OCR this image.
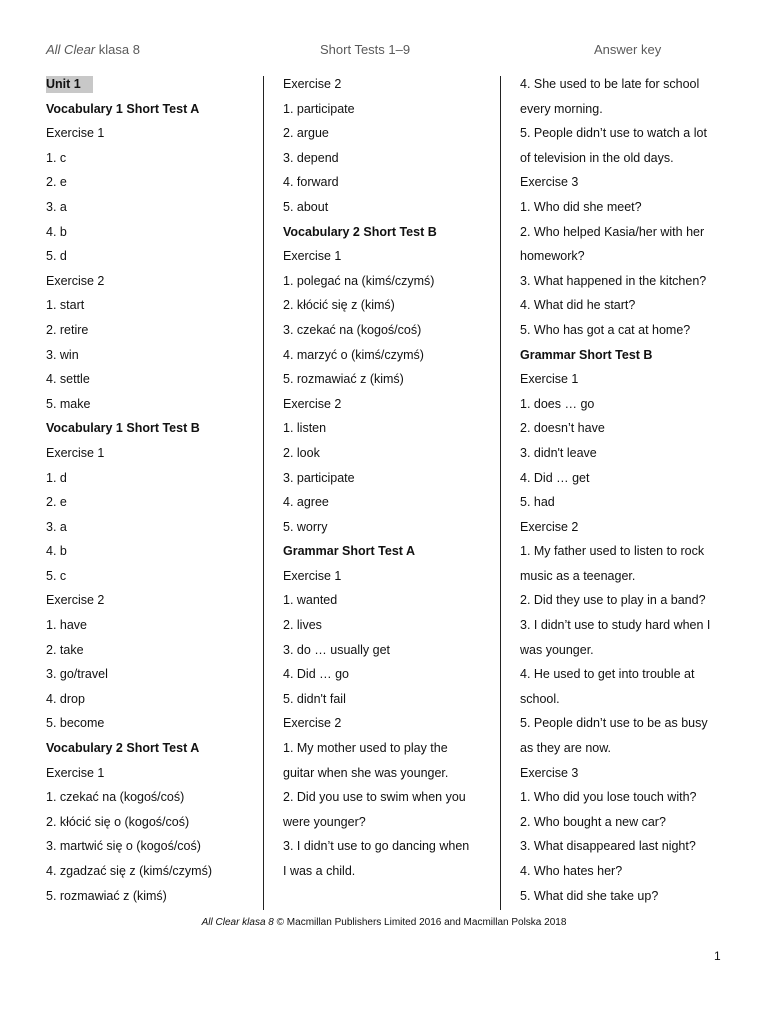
All Clear klasa 8	Short Tests 1–9	Answer key
Unit 1
Vocabulary 1 Short Test A
Exercise 1
1. c
2. e
3. a
4. b
5. d
Exercise 2
1. start
2. retire
3. win
4. settle
5. make
Vocabulary 1 Short Test B
Exercise 1
1. d
2. e
3. a
4. b
5. c
Exercise 2
1. have
2. take
3. go/travel
4. drop
5. become
Vocabulary 2 Short Test A
Exercise 1
1. czekać na (kogoś/coś)
2. kłócić się o (kogoś/coś)
3. martwić się o (kogoś/coś)
4. zgadzać się z (kimś/czymś)
5. rozmawiać z (kimś)
Exercise 2
1. participate
2. argue
3. depend
4. forward
5. about
Vocabulary 2 Short Test B
Exercise 1
1. polegać na (kimś/czymś)
2. kłócić się z (kimś)
3. czekać na (kogoś/coś)
4. marzyć o (kimś/czymś)
5. rozmawiać z (kimś)
Exercise 2
1. listen
2. look
3. participate
4. agree
5. worry
Grammar Short Test A
Exercise 1
1. wanted
2. lives
3. do … usually get
4. Did … go
5. didn't fail
Exercise 2
1. My mother used to play the
guitar when she was younger.
2. Did you use to swim when you
were younger?
3. I didn’t use to go dancing when
I was a child.
4. She used to be late for school
every morning.
5. People didn’t use to watch a lot
of television in the old days.
Exercise 3
1. Who did she meet?
2. Who helped Kasia/her with her
homework?
3. What happened in the kitchen?
4. What did he start?
5. Who has got a cat at home?
Grammar Short Test B
Exercise 1
1. does … go
2. doesn’t have
3. didn't leave
4. Did … get
5. had
Exercise 2
1. My father used to listen to rock
music as a teenager.
2. Did they use to play in a band?
3. I didn’t use to study hard when I
was younger.
4. He used to get into trouble at
school.
5. People didn’t use to be as busy
as they are now.
Exercise 3
1. Who did you lose touch with?
2. Who bought a new car?
3. What disappeared last night?
4. Who hates her?
5. What did she take up?
All Clear klasa 8 © Macmillan Publishers Limited 2016 and Macmillan Polska 2018
1
